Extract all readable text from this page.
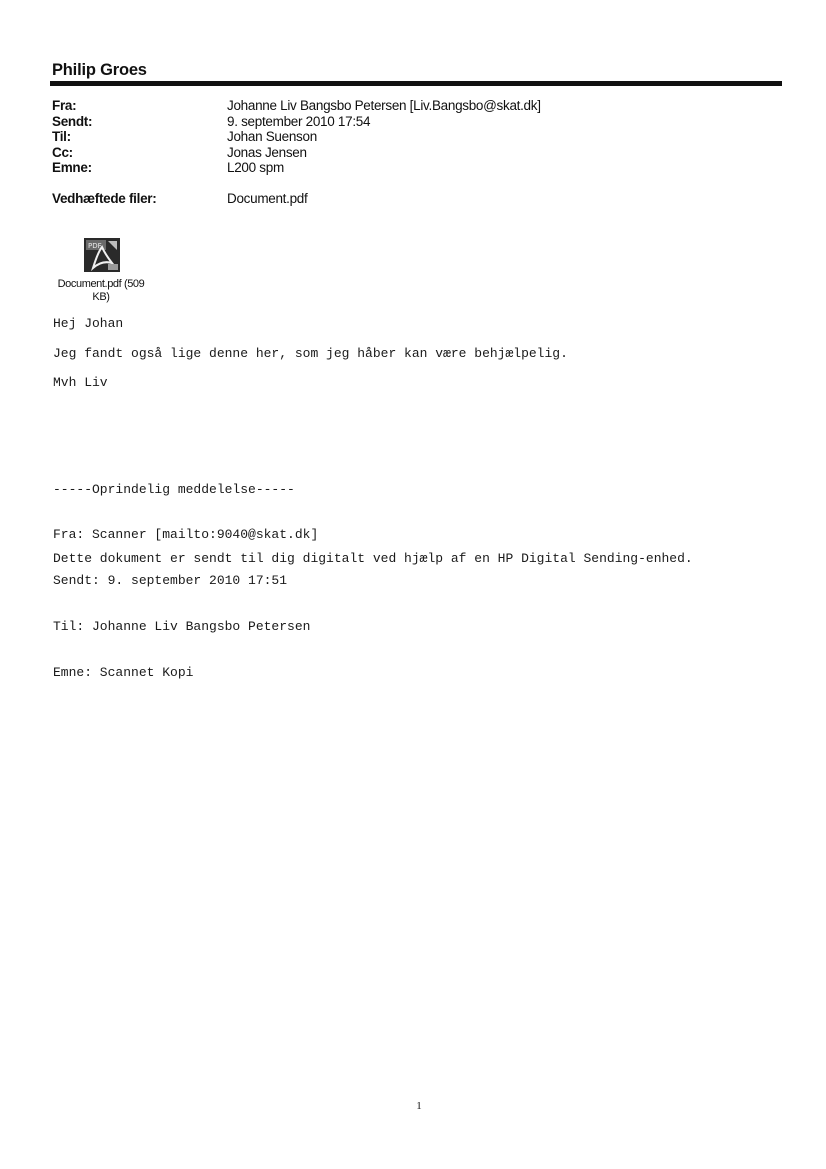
Philip Groes
Fra:	Johanne Liv Bangsbo Petersen [Liv.Bangsbo@skat.dk]
Sendt:	9. september 2010 17:54
Til:	Johan Suenson
Cc:	Jonas Jensen
Emne:	L200 spm
Vedhæftede filer:	Document.pdf
PDF
Document.pdf (509
KB)
Hej Johan
Jeg fandt også lige denne her, som jeg håber kan være behjælpelig.
Mvh Liv

-----Oprindelig meddelelse-----

Fra: Scanner [mailto:9040@skat.dk]

Sendt: 9. september 2010 17:51

Til: Johanne Liv Bangsbo Petersen

Emne: Scannet Kopi

Dette dokument er sendt til dig digitalt ved hjælp af en HP Digital Sending-enhed.
1
